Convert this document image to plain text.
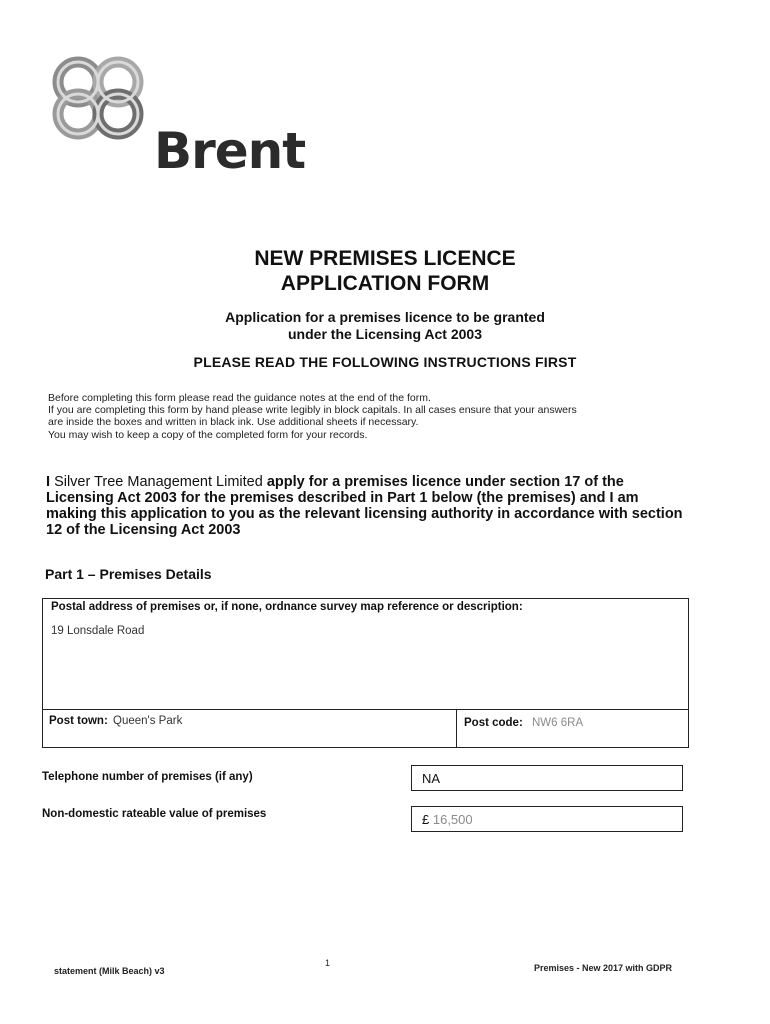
Brent
NEW PREMISES LICENCE
APPLICATION FORM
Application for a premises licence to be granted
under the Licensing Act 2003
PLEASE READ THE FOLLOWING INSTRUCTIONS FIRST
Before completing this form please read the guidance notes at the end of the form.
If you are completing this form by hand please write legibly in block capitals. In all cases ensure that your answers
are inside the boxes and written in black ink. Use additional sheets if necessary.
You may wish to keep a copy of the completed form for your records.
I Silver Tree Management Limited apply for a premises licence under section 17 of the
Licensing Act 2003 for the premises described in Part 1 below (the premises) and I am
making this application to you as the relevant licensing authority in accordance with section
12 of the Licensing Act 2003
Part 1 – Premises Details
Postal address of premises or, if none, ordnance survey map reference or description:
19 Lonsdale Road
Post town: Queen's Park	Post code: NW6 6RA
Telephone number of premises (if any)	NA
Non-domestic rateable value of premises	£ 16,500
statement (Milk Beach) v3
1	Premises - New 2017 with GDPR
